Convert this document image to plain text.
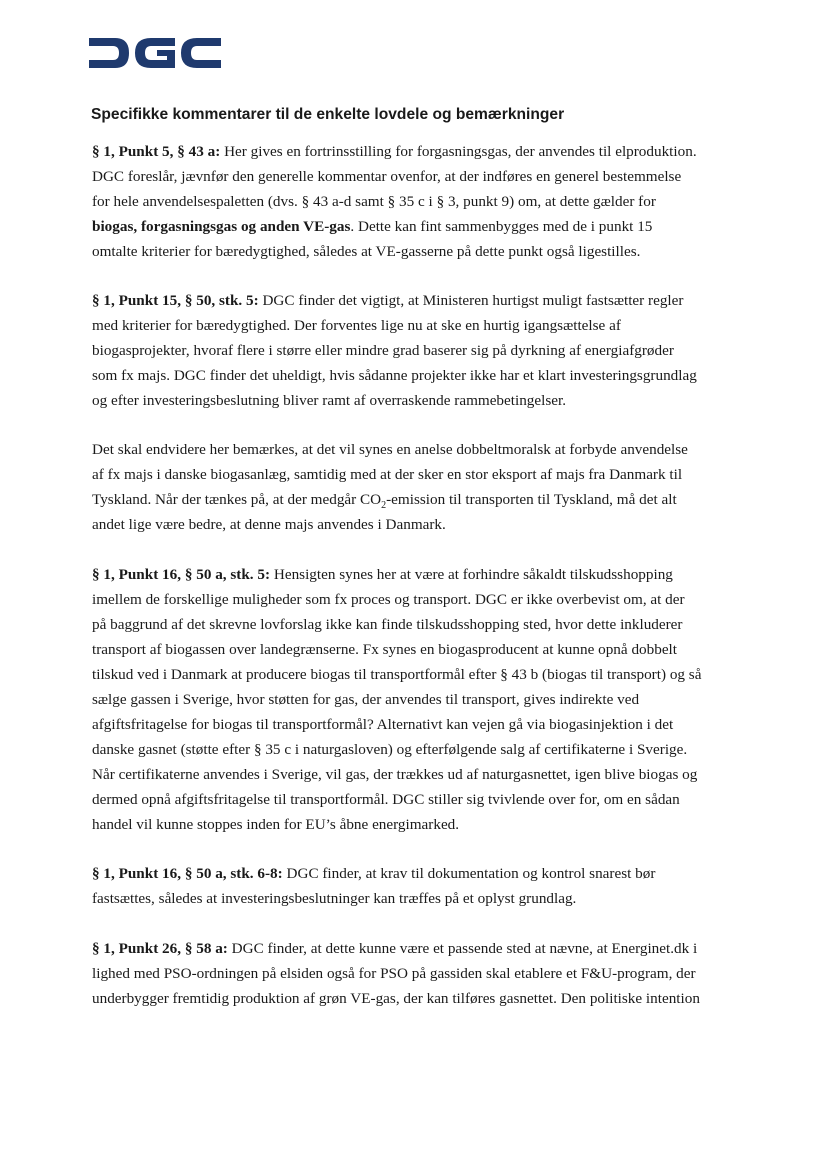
Specifikke kommentarer til de enkelte lovdele og bemærkninger
§ 1, Punkt 5, § 43 a: Her gives en fortrinsstilling for forgasningsgas, der anvendes til elproduktion.
DGC foreslår, jævnfør den generelle kommentar ovenfor, at der indføres en generel bestemmelse
for hele anvendelsespaletten (dvs. § 43 a-d samt § 35 c i § 3, punkt 9) om, at dette gælder for
biogas, forgasningsgas og anden VE-gas. Dette kan fint sammenbygges med de i punkt 15
omtalte kriterier for bæredygtighed, således at VE-gasserne på dette punkt også ligestilles.
§ 1, Punkt 15, § 50, stk. 5: DGC finder det vigtigt, at Ministeren hurtigst muligt fastsætter regler
med kriterier for bæredygtighed. Der forventes lige nu at ske en hurtig igangsættelse af
biogasprojekter, hvoraf flere i større eller mindre grad baserer sig på dyrkning af energiafgrøder
som fx majs. DGC finder det uheldigt, hvis sådanne projekter ikke har et klart investeringsgrundlag
og efter investeringsbeslutning bliver ramt af overraskende rammebetingelser.
Det skal endvidere her bemærkes, at det vil synes en anelse dobbeltmoralsk at forbyde anvendelse
af fx majs i danske biogasanlæg, samtidig med at der sker en stor eksport af majs fra Danmark til
Tyskland. Når der tænkes på, at der medgår $CO_2$-emission til transporten til Tyskland, må det alt
andet lige være bedre, at denne majs anvendes i Danmark.
§ 1, Punkt 16, § 50 a, stk. 5: Hensigten synes her at være at forhindre såkaldt tilskudsshopping
imellem de forskellige muligheder som fx proces og transport. DGC er ikke overbevist om, at der
på baggrund af det skrevne lovforslag ikke kan finde tilskudsshopping sted, hvor dette inkluderer
transport af biogassen over landegrænserne. Fx synes en biogasproducent at kunne opnå dobbelt
tilskud ved i Danmark at producere biogas til transportformål efter § 43 b (biogas til transport) og så
sælge gassen i Sverige, hvor støtten for gas, der anvendes til transport, gives indirekte ved
afgiftsfritagelse for biogas til transportformål? Alternativt kan vejen gå via biogasinjektion i det
danske gasnet (støtte efter § 35 c i naturgasloven) og efterfølgende salg af certifikaterne i Sverige.
Når certifikaterne anvendes i Sverige, vil gas, der trækkes ud af naturgasnettet, igen blive biogas og
dermed opnå afgiftsfritagelse til transportformål. DGC stiller sig tvivlende over for, om en sådan
handel vil kunne stoppes inden for EU’s åbne energimarked.
§ 1, Punkt 16, § 50 a, stk. 6-8: DGC finder, at krav til dokumentation og kontrol snarest bør
fastsættes, således at investeringsbeslutninger kan træffes på et oplyst grundlag.
§ 1, Punkt 26, § 58 a: DGC finder, at dette kunne være et passende sted at nævne, at Energinet.dk i
lighed med PSO-ordningen på elsiden også for PSO på gassiden skal etablere et F&U-program, der
underbygger fremtidig produktion af grøn VE-gas, der kan tilføres gasnettet. Den politiske intention
